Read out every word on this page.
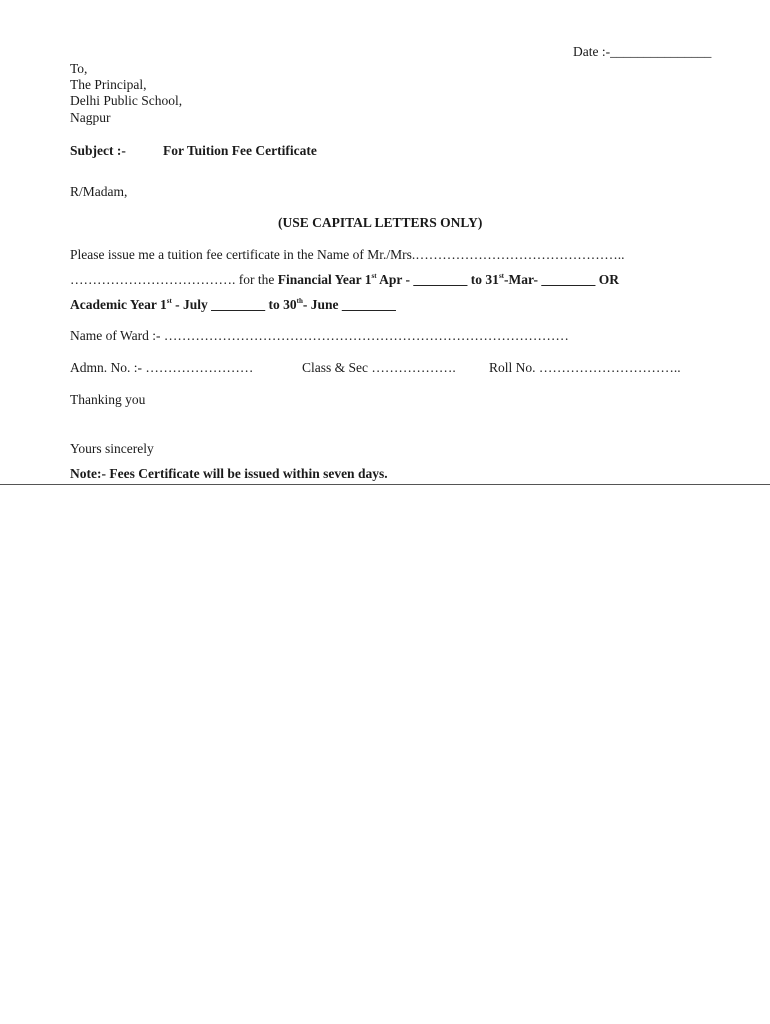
Date :-_______________
To,
The Principal,
Delhi Public School,
Nagpur
Subject :-	For Tuition Fee Certificate
R/Madam,
(USE CAPITAL LETTERS ONLY)
Please issue me a tuition fee certificate in the Name of Mr./Mrs.………………………………………..
………………………………. for the Financial Year 1st Apr - ________ to 31st-Mar- ________ OR
Academic Year 1st - July ________ to 30th- June ________
Name of Ward :- ………………………………………………………………………………
Admn. No. :- ……………………	Class & Sec ………………. Roll No. …………………………..
Thanking you
Yours sincerely
Note:- Fees Certificate will be issued within seven days.
